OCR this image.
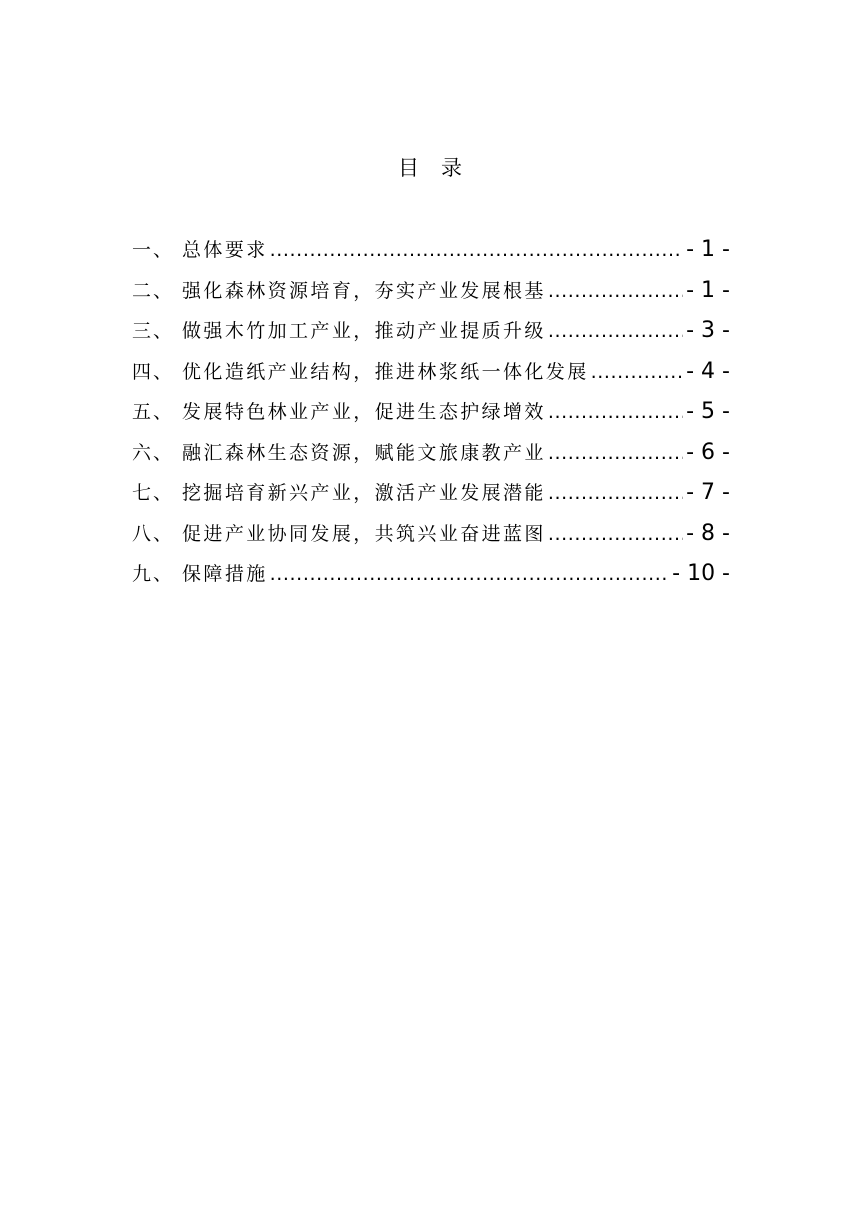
目 录
一、 总体要求 .....	- 1 -
二、 强化森林资源培育，夯实产业发展根基 .....	- 1 -
三、 做强木竹加工产业，推动产业提质升级 .....	- 3 -
四、 优化造纸产业结构，推进林浆纸一体化发展 .....	- 4 -
五、 发展特色林业产业，促进生态护绿增效 .....	- 5 -
六、 融汇森林生态资源，赋能文旅康教产业 .....	- 6 -
七、 挖掘培育新兴产业，激活产业发展潜能 .....	- 7 -
八、 促进产业协同发展，共筑兴业奋进蓝图 .....	- 8 -
九、 保障措施 .....	- 10 -
